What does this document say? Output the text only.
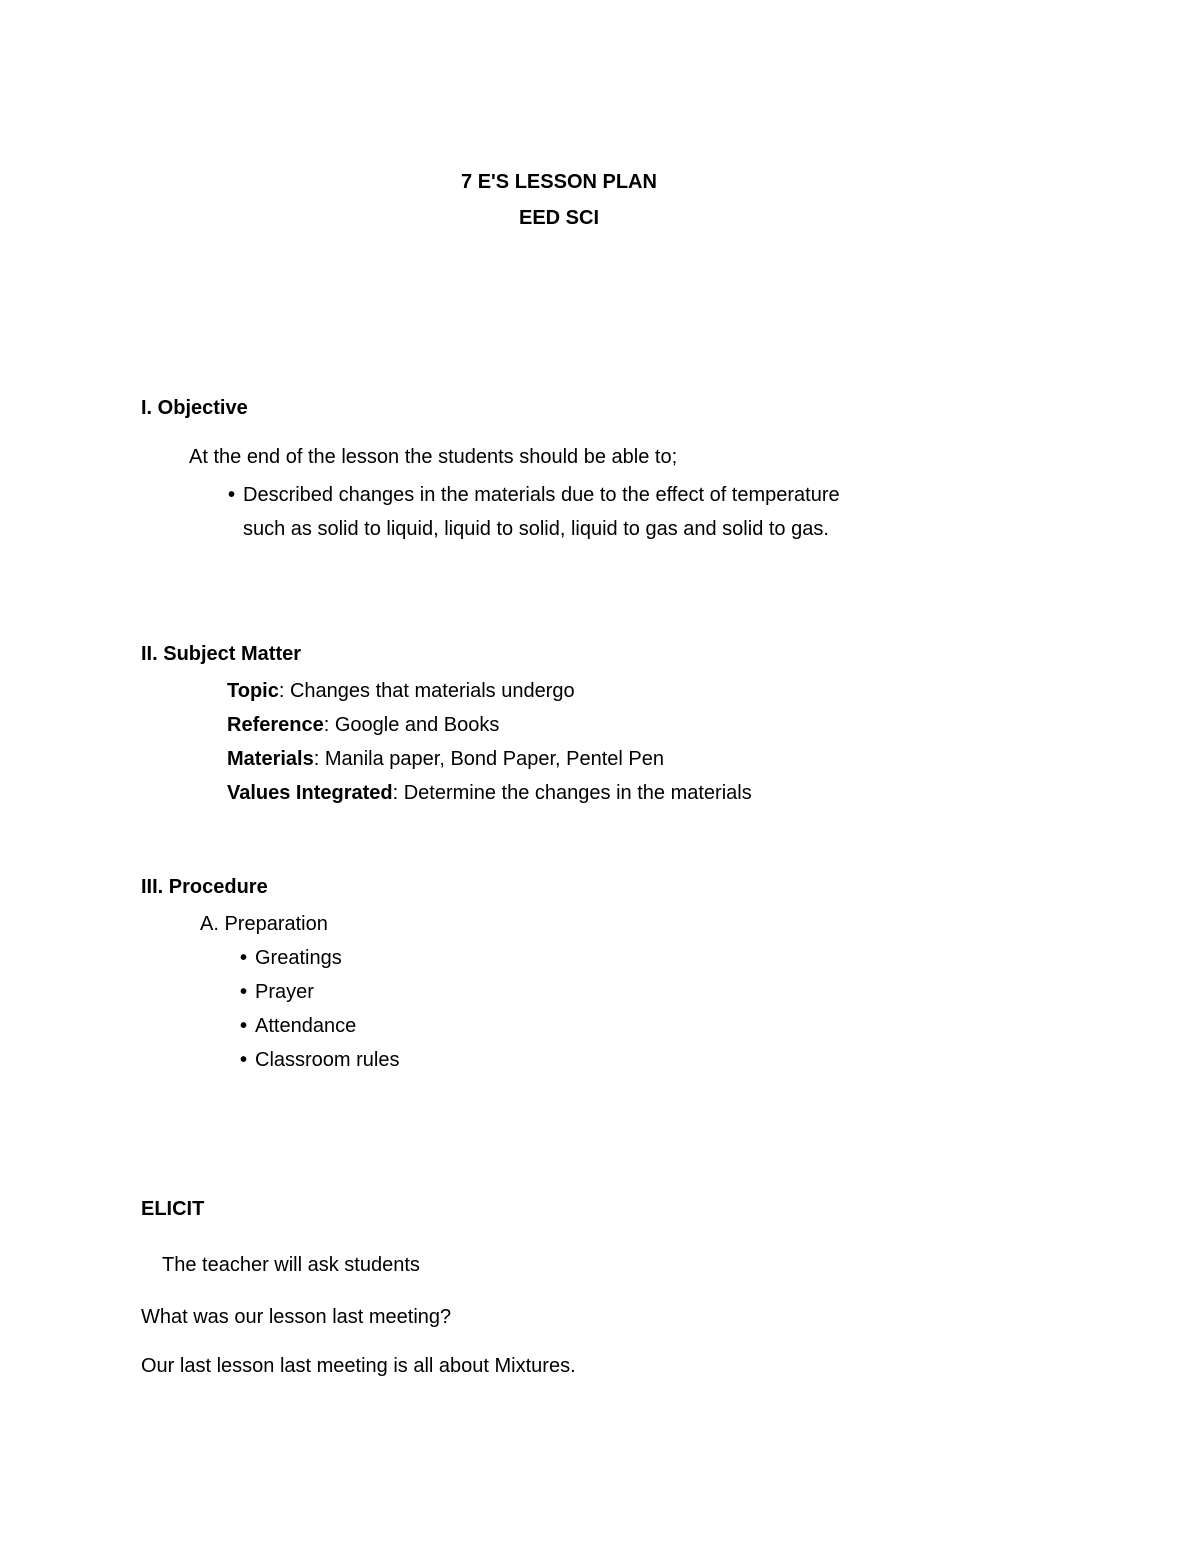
7 E'S LESSON PLAN
EED SCI
I. Objective
At the end of the lesson the students should be able to;
• Described changes in the materials due to the effect of temperature
such as solid to liquid, liquid to solid, liquid to gas and solid to gas.
II. Subject Matter
Topic: Changes that materials undergo
Reference: Google and Books
Materials: Manila paper, Bond Paper, Pentel Pen
Values Integrated: Determine the changes in the materials
III. Procedure
A. Preparation
• Greatings
• Prayer
• Attendance
• Classroom rules
ELICIT
The teacher will ask students
What was our lesson last meeting?
Our last lesson last meeting is all about Mixtures.
